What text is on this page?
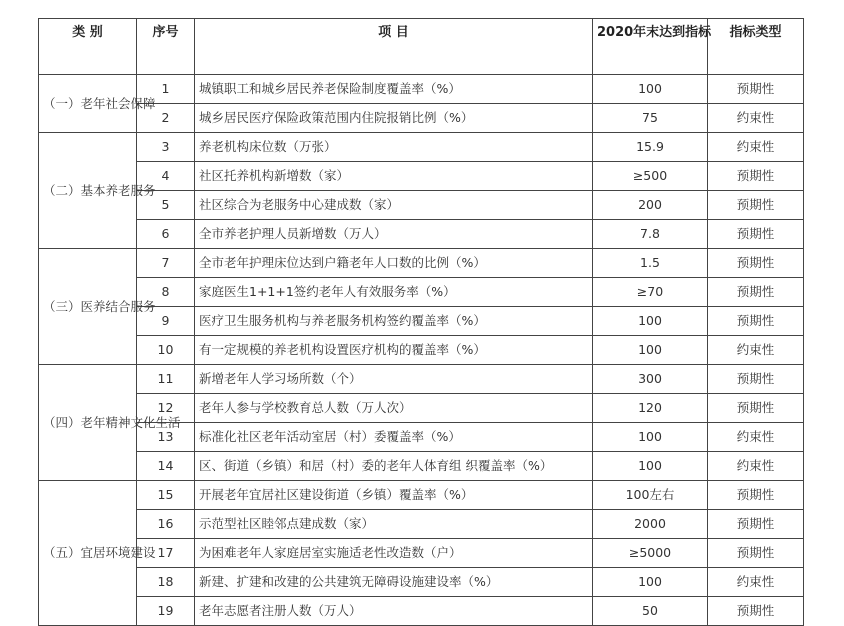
类 别	序号	项 目	2020年末达到指标	指标类型
（一）老年社会保障	1	城镇职工和城乡居民养老保险制度覆盖率（%）	100	预期性
	2	城乡居民医疗保险政策范围内住院报销比例（%）	75	约束性
（二）基本养老服务	3	养老机构床位数（万张）	15.9	约束性
	4	社区托养机构新增数（家）	≥500	预期性
	5	社区综合为老服务中心建成数（家）	200	预期性
	6	全市养老护理人员新增数（万人）	7.8	预期性
（三）医养结合服务	7	全市老年护理床位达到户籍老年人口数的比例（%）	1.5	预期性
	8	家庭医生1+1+1签约老年人有效服务率（%）	≥70	预期性
	9	医疗卫生服务机构与养老服务机构签约覆盖率（%）	100	预期性
	10	有一定规模的养老机构设置医疗机构的覆盖率（%）	100	约束性
（四）老年精神文化生活	11	新增老年人学习场所数（个）	300	预期性
	12	老年人参与学校教育总人数（万人次）	120	预期性
	13	标准化社区老年活动室居（村）委覆盖率（%）	100	约束性
	14	区、街道（乡镇）和居（村）委的老年人体育组 织覆盖率（%）	100	约束性
（五）宜居环境建设	15	开展老年宜居社区建设街道（乡镇）覆盖率（%）	100左右	预期性
	16	示范型社区睦邻点建成数（家）	2000	预期性
	17	为困难老年人家庭居室实施适老性改造数（户）	≥5000	预期性
	18	新建、扩建和改建的公共建筑无障碍设施建设率（%）	100	约束性
	19	老年志愿者注册人数（万人）	50	预期性
